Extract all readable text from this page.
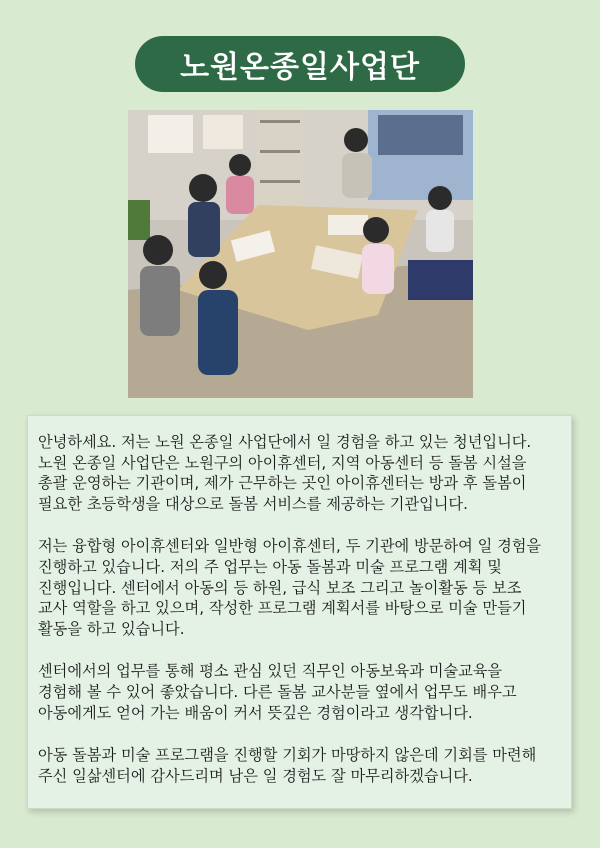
노원온종일사업단

안녕하세요. 저는 노원 온종일 사업단에서 일 경험을 하고 있는 청년입니다. 노원 온종일 사업단은 노원구의 아이휴센터, 지역 아동센터 등 돌봄 시설을 총괄 운영하는 기관이며, 제가 근무하는 곳인 아이휴센터는 방과 후 돌봄이 필요한 초등학생을 대상으로 돌봄 서비스를 제공하는 기관입니다.

저는 융합형 아이휴센터와 일반형 아이휴센터, 두 기관에 방문하여 일 경험을 진행하고 있습니다. 저의 주 업무는 아동 돌봄과 미술 프로그램 계획 및 진행입니다. 센터에서 아동의 등 하원, 급식 보조 그리고 놀이활동 등 보조 교사 역할을 하고 있으며, 작성한 프로그램 계획서를 바탕으로 미술 만들기 활동을 하고 있습니다.

센터에서의 업무를 통해 평소 관심 있던 직무인 아동보육과 미술교육을 경험해 볼 수 있어 좋았습니다. 다른 돌봄 교사분들 옆에서 업무도 배우고 아동에게도 얻어 가는 배움이 커서 뜻깊은 경험이라고 생각합니다.

아동 돌봄과 미술 프로그램을 진행할 기회가 마땅하지 않은데 기회를 마련해 주신 일삶센터에 감사드리며 남은 일 경험도 잘 마무리하겠습니다.
